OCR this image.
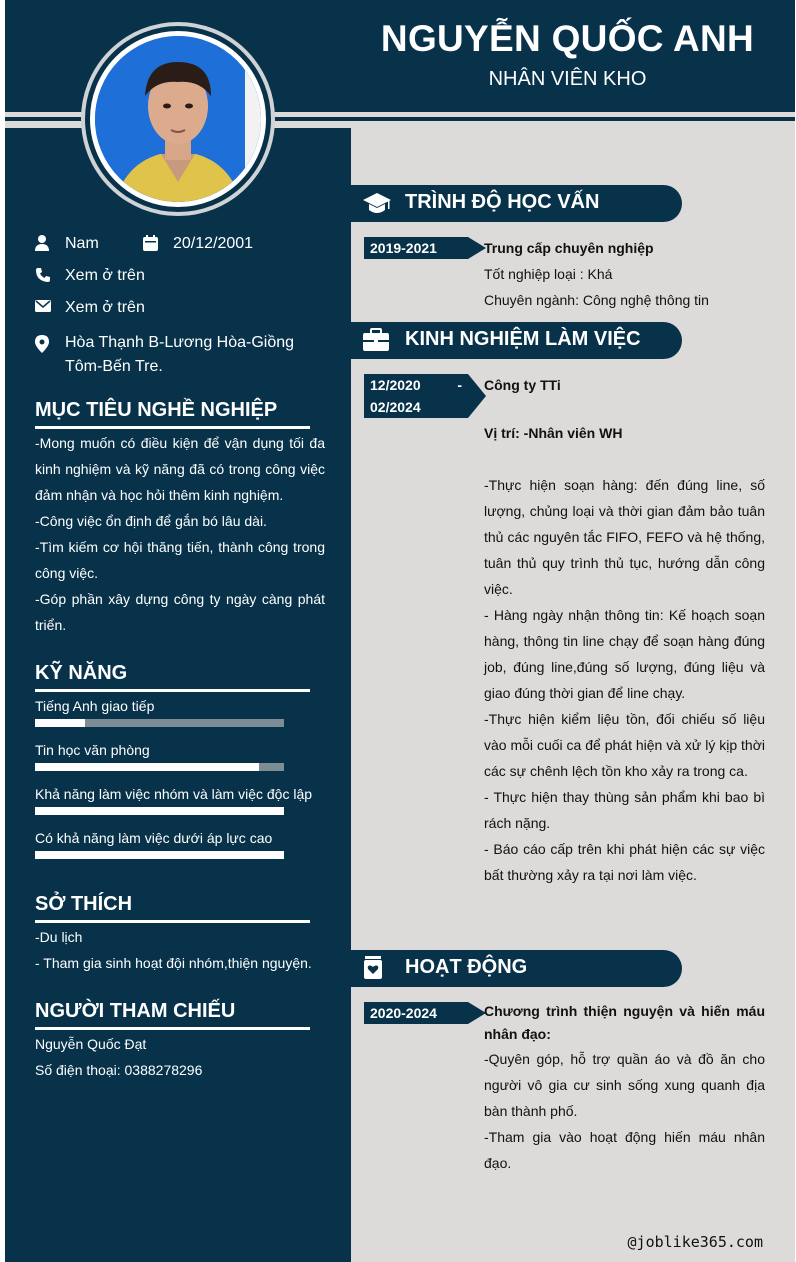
NGUYỄN QUỐC ANH
NHÂN VIÊN KHO
Nam	20/12/2001
Xem ở trên
Xem ở trên
Hòa Thạnh B-Lương Hòa-Giồng Tôm-Bến Tre.
MỤC TIÊU NGHỀ NGHIỆP

-Mong muốn có điều kiện để vận dụng tối đa kinh nghiệm và kỹ năng đã có trong công việc đảm nhận và học hỏi thêm kinh nghiệm.

-Công việc ổn định để gắn bó lâu dài.

-Tìm kiếm cơ hội thăng tiến, thành công trong công việc.

-Góp phần xây dựng công ty ngày càng phát triển.

KỸ NĂNG
Tiếng Anh giao tiếp
Tin học văn phòng
Khả năng làm việc nhóm và làm việc độc lập
Có khả năng làm việc dưới áp lực cao
SỞ THÍCH

-Du lịch

- Tham gia sinh hoạt đội nhóm,thiện nguyện.

NGƯỜI THAM CHIẾU

Nguyễn Quốc Đạt

Số điện thoại: 0388278296

TRÌNH ĐỘ HỌC VẤN
2019-2021	Trung cấp chuyên nghiệp

Tốt nghiệp loại : Khá

Chuyên ngành: Công nghệ thông tin

KINH NGHIỆM LÀM VIỆC
12/2020	-
02/2024

Công ty TTi

Vị trí: -Nhân viên WH

-Thực hiện soạn hàng: đến đúng line, số lượng, chủng loại và thời gian đảm bảo tuân thủ các nguyên tắc FIFO, FEFO và hệ thống, tuân thủ quy trình thủ tục, hướng dẫn công việc.

- Hàng ngày nhận thông tin: Kế hoạch soạn hàng, thông tin line chạy để soạn hàng đúng job, đúng line,đúng số lượng, đúng liệu và giao đúng thời gian để line chạy.

-Thực hiện kiểm liệu tồn, đối chiếu số liệu vào mỗi cuối ca để phát hiện và xử lý kịp thời các sự chênh lệch tồn kho xảy ra trong ca.

- Thực hiện thay thùng sản phẩm khi bao bì rách nặng.

- Báo cáo cấp trên khi phát hiện các sự việc bất thường xảy ra tại nơi làm việc.

HOẠT ĐỘNG
2020-2024	Chương trình thiện nguyện và hiến máu nhân đạo:

-Quyên góp, hỗ trợ quần áo và đồ ăn cho người vô gia cư sinh sống xung quanh địa bàn thành phố.

-Tham gia vào hoạt động hiến máu nhân đạo.

@joblike365.com
